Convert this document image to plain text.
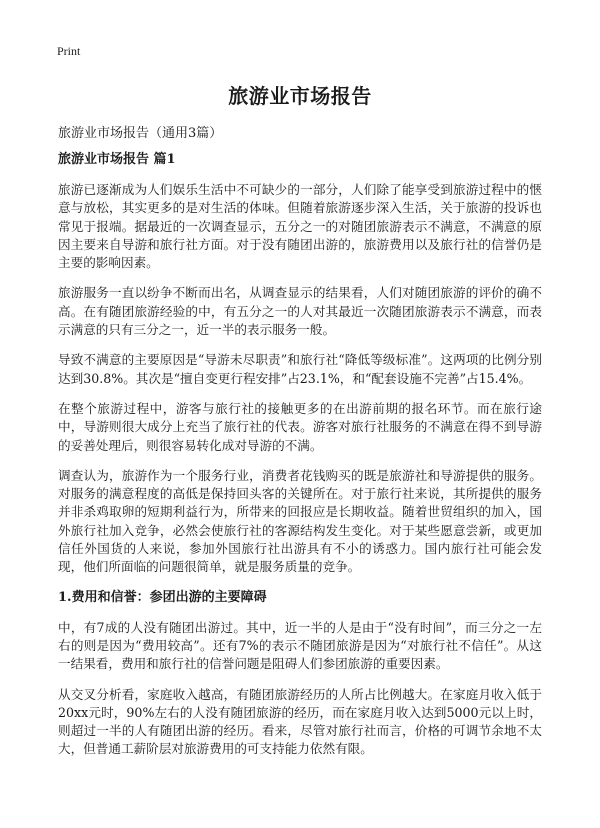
Print
旅游业市场报告
旅游业市场报告（通用3篇）
旅游业市场报告 篇1

旅游已逐渐成为人们娱乐生活中不可缺少的一部分，人们除了能享受到旅游过程中的惬意与放松，其实更多的是对生活的体味。但随着旅游逐步深入生活，关于旅游的投诉也常见于报端。据最近的一次调查显示，五分之一的对随团旅游表示不满意，不满意的原因主要来自导游和旅行社方面。对于没有随团出游的，旅游费用以及旅行社的信誉仍是主要的影响因素。

旅游服务一直以纷争不断而出名，从调查显示的结果看，人们对随团旅游的评价的确不高。在有随团旅游经验的中，有五分之一的人对其最近一次随团旅游表示不满意，而表示满意的只有三分之一，近一半的表示服务一般。

导致不满意的主要原因是“导游未尽职责”和旅行社“降低等级标准”。这两项的比例分别达到30.8%。其次是“擅自变更行程安排”占23.1%，和“配套设施不完善”占15.4%。

在整个旅游过程中，游客与旅行社的接触更多的在出游前期的报名环节。而在旅行途中，导游则很大成分上充当了旅行社的代表。游客对旅行社服务的不满意在得不到导游的妥善处理后，则很容易转化成对导游的不满。

调查认为，旅游作为一个服务行业，消费者花钱购买的既是旅游社和导游提供的服务。对服务的满意程度的高低是保持回头客的关键所在。对于旅行社来说，其所提供的服务并非杀鸡取卵的短期利益行为，所带来的回报应是长期收益。随着世贸组织的加入，国外旅行社加入竞争，必然会使旅行社的客源结构发生变化。对于某些愿意尝新，或更加信任外国货的人来说，参加外国旅行社出游具有不小的诱惑力。国内旅行社可能会发现，他们所面临的问题很简单，就是服务质量的竞争。

1.费用和信誉：参团出游的主要障碍

中，有7成的人没有随团出游过。其中，近一半的人是由于“没有时间”，而三分之一左右的则是因为“费用较高”。还有7%的表示不随团旅游是因为“对旅行社不信任”。从这一结果看，费用和旅行社的信誉问题是阻碍人们参团旅游的重要因素。

从交叉分析看，家庭收入越高，有随团旅游经历的人所占比例越大。在家庭月收入低于20xx元时，90%左右的人没有随团旅游的经历，而在家庭月收入达到5000元以上时，则超过一半的人有随团出游的经历。看来，尽管对旅行社而言，价格的可调节余地不太大，但普通工薪阶层对旅游费用的可支持能力依然有限。
